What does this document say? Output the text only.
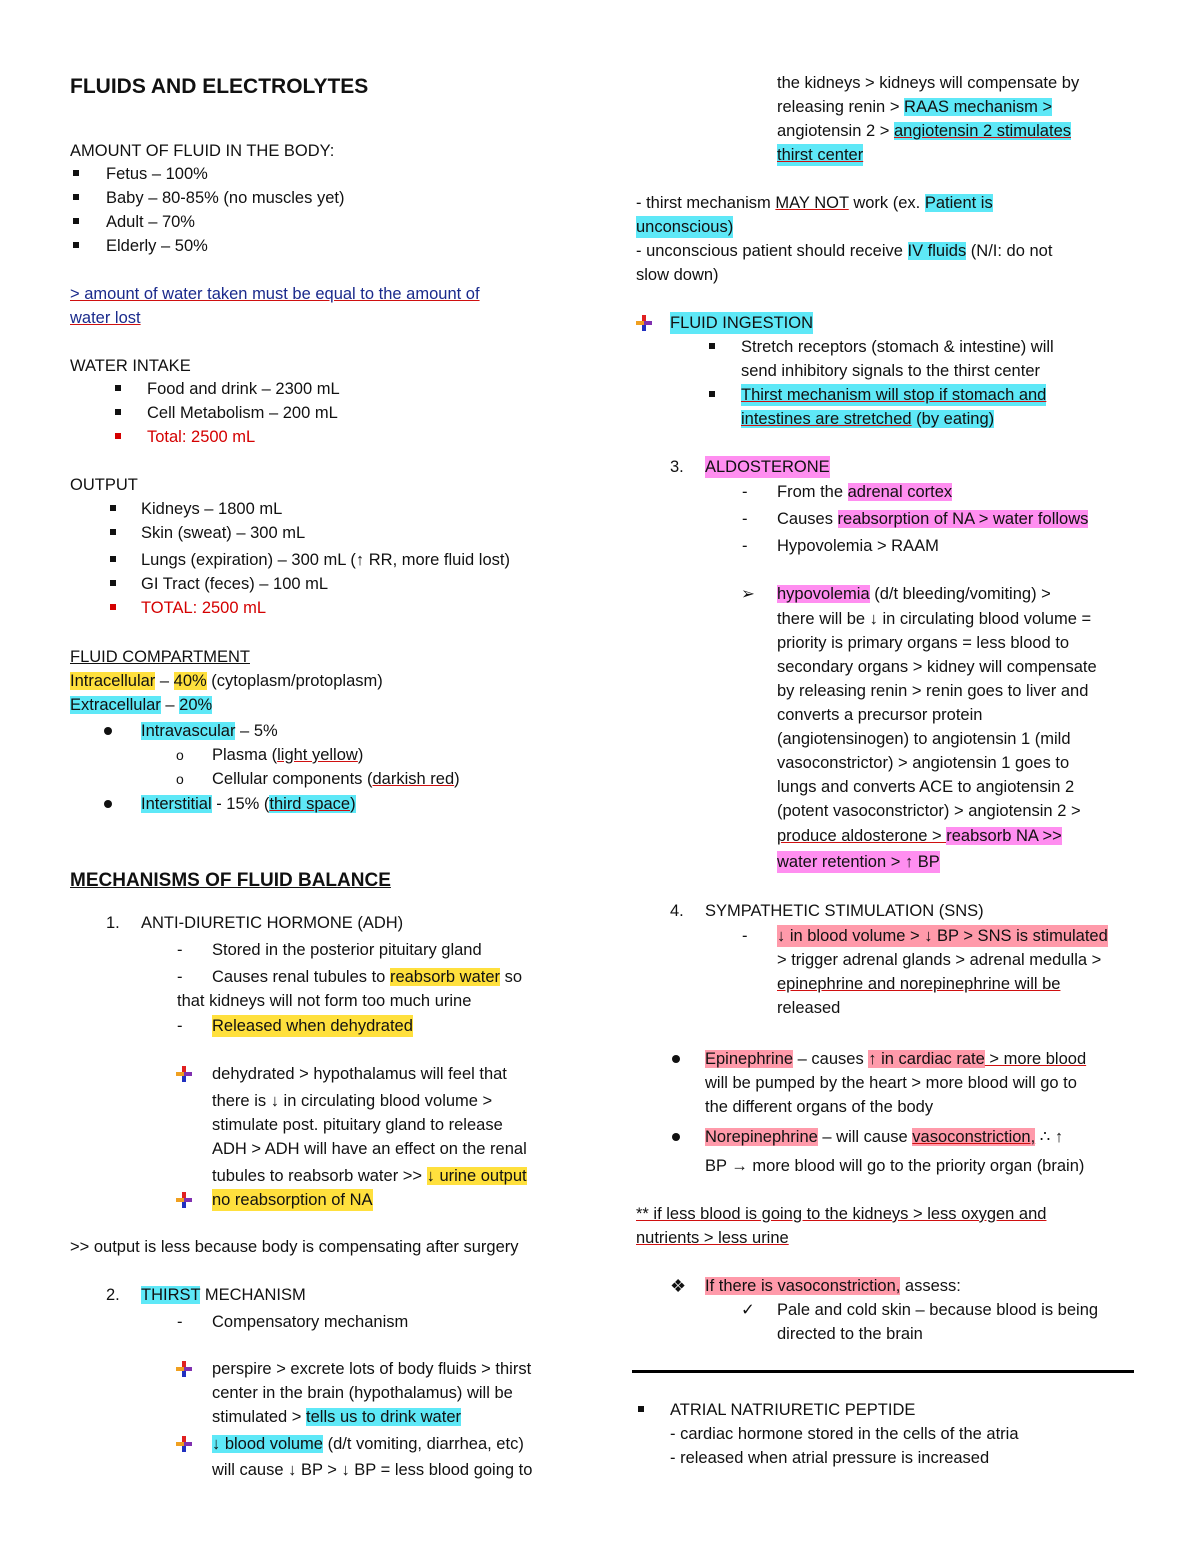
FLUIDS AND ELECTROLYTES
AMOUNT OF FLUID IN THE BODY:
Fetus – 100%
Baby – 80-85% (no muscles yet)
Adult – 70%
Elderly – 50%
> amount of water taken must be equal to the amount of
water lost
WATER INTAKE
Food and drink – 2300 mL
Cell Metabolism – 200 mL
Total: 2500 mL
OUTPUT
Kidneys – 1800 mL
Skin (sweat) – 300 mL
Lungs (expiration) – 300 mL (↑ RR, more fluid lost)
GI Tract (feces) – 100 mL
TOTAL: 2500 mL
FLUID COMPARTMENT
Intracellular – 40% (cytoplasm/protoplasm)
Extracellular – 20%
Intravascular – 5%
o Plasma (light yellow)
o Cellular components (darkish red)
Interstitial - 15% (third space)
MECHANISMS OF FLUID BALANCE
1. ANTI-DIURETIC HORMONE (ADH)
- Stored in the posterior pituitary gland
- Causes renal tubules to reabsorb water so
that kidneys will not form too much urine
- Released when dehydrated
dehydrated > hypothalamus will feel that
there is ↓ in circulating blood volume >
stimulate post. pituitary gland to release
ADH > ADH will have an effect on the renal
tubules to reabsorb water >> ↓ urine output
no reabsorption of NA
>> output is less because body is compensating after surgery
2. THIRST MECHANISM
- Compensatory mechanism
perspire > excrete lots of body fluids > thirst
center in the brain (hypothalamus) will be
stimulated > tells us to drink water
↓ blood volume (d/t vomiting, diarrhea, etc)
will cause ↓ BP > ↓ BP = less blood going to
the kidneys > kidneys will compensate by
releasing renin > RAAS mechanism >
angiotensin 2 > angiotensin 2 stimulates
thirst center
- thirst mechanism MAY NOT work (ex. Patient is
unconscious)
- unconscious patient should receive IV fluids (N/I: do not
slow down)
FLUID INGESTION
Stretch receptors (stomach & intestine) will
send inhibitory signals to the thirst center
Thirst mechanism will stop if stomach and
intestines are stretched (by eating)
3. ALDOSTERONE
- From the adrenal cortex
- Causes reabsorption of NA > water follows
- Hypovolemia > RAAM
➢ hypovolemia (d/t bleeding/vomiting) >
there will be ↓ in circulating blood volume =
priority is primary organs = less blood to
secondary organs > kidney will compensate
by releasing renin > renin goes to liver and
converts a precursor protein
(angiotensinogen) to angiotensin 1 (mild
vasoconstrictor) > angiotensin 1 goes to
lungs and converts ACE to angiotensin 2
(potent vasoconstrictor) > angiotensin 2 >
produce aldosterone > reabsorb NA >>
water retention > ↑ BP
4. SYMPATHETIC STIMULATION (SNS)
- ↓ in blood volume > ↓ BP > SNS is stimulated
> trigger adrenal glands > adrenal medulla >
epinephrine and norepinephrine will be
released
Epinephrine – causes ↑ in cardiac rate > more blood
will be pumped by the heart > more blood will go to
the different organs of the body
Norepinephrine – will cause vasoconstriction, ∴ ↑
BP → more blood will go to the priority organ (brain)
** if less blood is going to the kidneys > less oxygen and
nutrients > less urine
❖ If there is vasoconstriction, assess:
✓ Pale and cold skin – because blood is being
directed to the brain
ATRIAL NATRIURETIC PEPTIDE
- cardiac hormone stored in the cells of the atria
- released when atrial pressure is increased
